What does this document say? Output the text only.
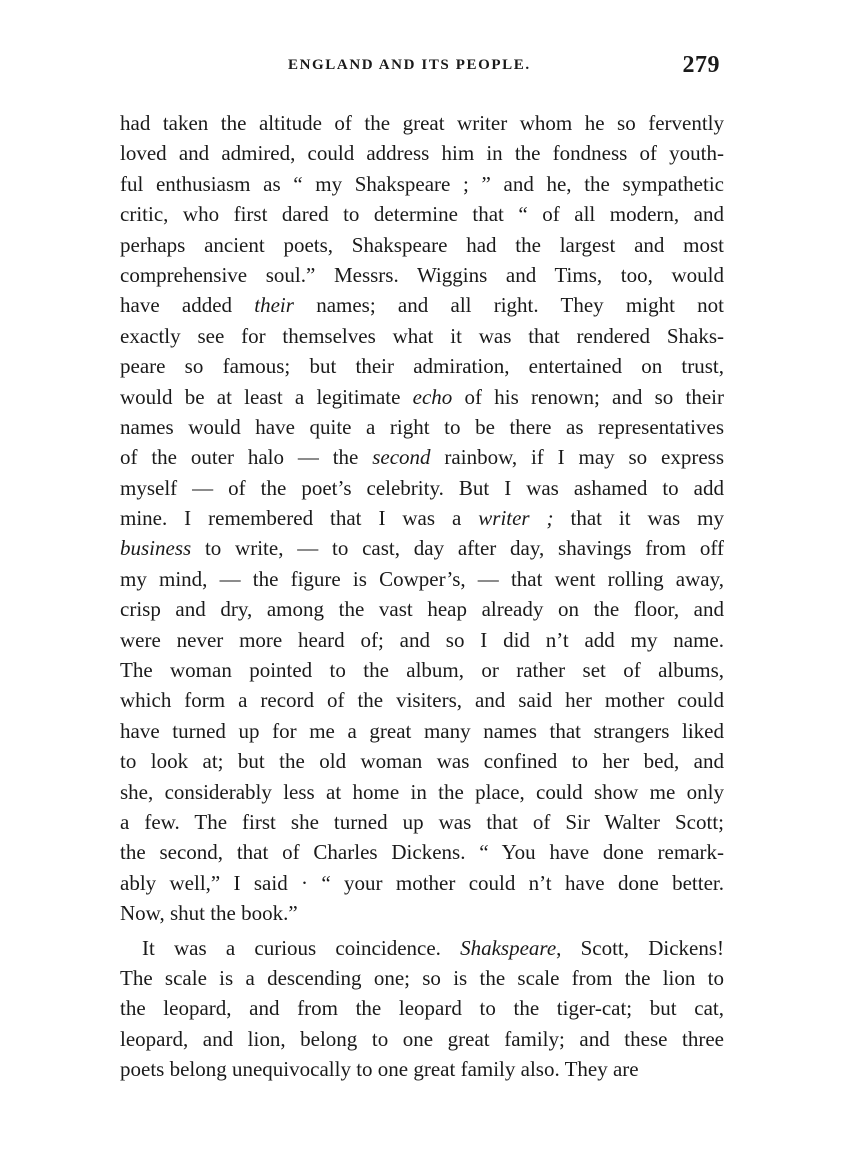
ENGLAND AND ITS PEOPLE.	279
had taken the altitude of the great writer whom he so fervently
loved and admired, could address him in the fondness of youth-
ful enthusiasm as “ my Shakspeare ; ” and he, the sympathetic
critic, who first dared to determine that “ of all modern, and
perhaps ancient poets, Shakspeare had the largest and most
comprehensive soul.” Messrs. Wiggins and Tims, too, would
have added their names; and all right. They might not
exactly see for themselves what it was that rendered Shaks-
peare so famous; but their admiration, entertained on trust,
would be at least a legitimate echo of his renown; and so their
names would have quite a right to be there as representatives
of the outer halo — the second rainbow, if I may so express
myself — of the poet’s celebrity. But I was ashamed to add
mine. I remembered that I was a writer ; that it was my
business to write, — to cast, day after day, shavings from off
my mind, — the figure is Cowper’s, — that went rolling away,
crisp and dry, among the vast heap already on the floor, and
were never more heard of; and so I did n’t add my name.
The woman pointed to the album, or rather set of albums,
which form a record of the visiters, and said her mother could
have turned up for me a great many names that strangers liked
to look at; but the old woman was confined to her bed, and
she, considerably less at home in the place, could show me only
a few. The first she turned up was that of Sir Walter Scott;
the second, that of Charles Dickens. “ You have done remark-
ably well,” I said · “ your mother could n’t have done better.
Now, shut the book.”
It was a curious coincidence. Shakspeare, Scott, Dickens!
The scale is a descending one; so is the scale from the lion to
the leopard, and from the leopard to the tiger-cat; but cat,
leopard, and lion, belong to one great family; and these three
poets belong unequivocally to one great family also. They are
